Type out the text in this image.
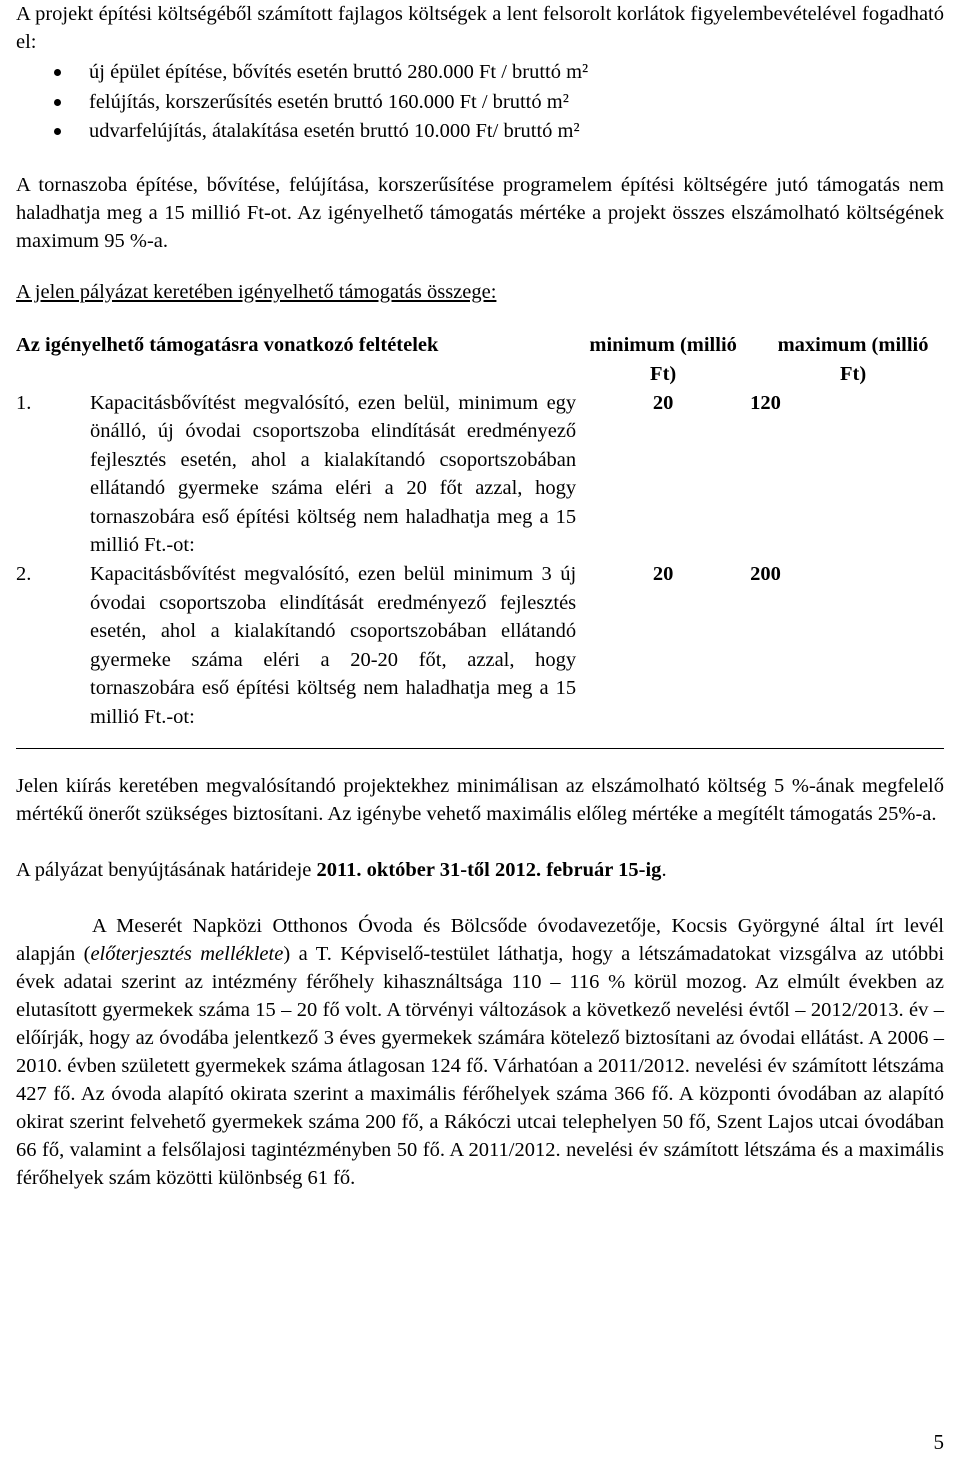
A projekt építési költségéből számított fajlagos költségek a lent felsorolt korlátok figyelembevételével fogadható el:

új épület építése, bővítés esetén bruttó 280.000 Ft / bruttó m²
felújítás, korszerűsítés esetén bruttó 160.000 Ft / bruttó m²
udvarfelújítás, átalakítása esetén bruttó 10.000 Ft/ bruttó m²

A tornaszoba építése, bővítése, felújítása, korszerűsítése programelem építési költségére jutó támogatás nem haladhatja meg a 15 millió Ft-ot. Az igényelhető támogatás mértéke a projekt összes elszámolható költségének maximum 95 %-a.

A jelen pályázat keretében igényelhető támogatás összege:

Az igényelhető támogatásra vonatkozó feltételek	minimum (millió Ft)	maximum (millió Ft)

1. Kapacitásbővítést megvalósító, ezen belül, minimum egy önálló, új óvodai csoportszoba elindítását eredményező fejlesztés esetén, ahol a kialakítandó csoportszobában ellátandó gyermeke száma eléri a 20 főt azzal, hogy tornaszobára eső építési költség nem haladhatja meg a 15 millió Ft.-ot:	20	120

2. Kapacitásbővítést megvalósító, ezen belül minimum 3 új óvodai csoportszoba elindítását eredményező fejlesztés esetén, ahol a kialakítandó csoportszobában ellátandó gyermeke száma eléri a 20-20 főt, azzal, hogy tornaszobára eső építési költség nem haladhatja meg a 15 millió Ft.-ot:	20	200

Jelen kiírás keretében megvalósítandó projektekhez minimálisan az elszámolható költség 5 %-ának megfelelő mértékű önerőt szükséges biztosítani. Az igénybe vehető maximális előleg mértéke a megítélt támogatás 25%-a.

A pályázat benyújtásának határideje 2011. október 31-től 2012. február 15-ig.

A Meserét Napközi Otthonos Óvoda és Bölcsőde óvodavezetője, Kocsis Györgyné által írt levél alapján (előterjesztés melléklete) a T. Képviselő-testület láthatja, hogy a létszámadatokat vizsgálva az utóbbi évek adatai szerint az intézmény férőhely kihasználtsága 110 – 116 % körül mozog. Az elmúlt években az elutasított gyermekek száma 15 – 20 fő volt. A törvényi változások a következő nevelési évtől – 2012/2013. év – előírják, hogy az óvodába jelentkező 3 éves gyermekek számára kötelező biztosítani az óvodai ellátást. A 2006 – 2010. évben született gyermekek száma átlagosan 124 fő. Várhatóan a 2011/2012. nevelési év számított létszáma 427 fő. Az óvoda alapító okirata szerint a maximális férőhelyek száma 366 fő. A központi óvodában az alapító okirat szerint felvehető gyermekek száma 200 fő, a Rákóczi utcai telephelyen 50 fő, Szent Lajos utcai óvodában 66 fő, valamint a felsőlajosi tagintézményben 50 fő. A 2011/2012. nevelési év számított létszáma és a maximális férőhelyek szám közötti különbség 61 fő.

5
